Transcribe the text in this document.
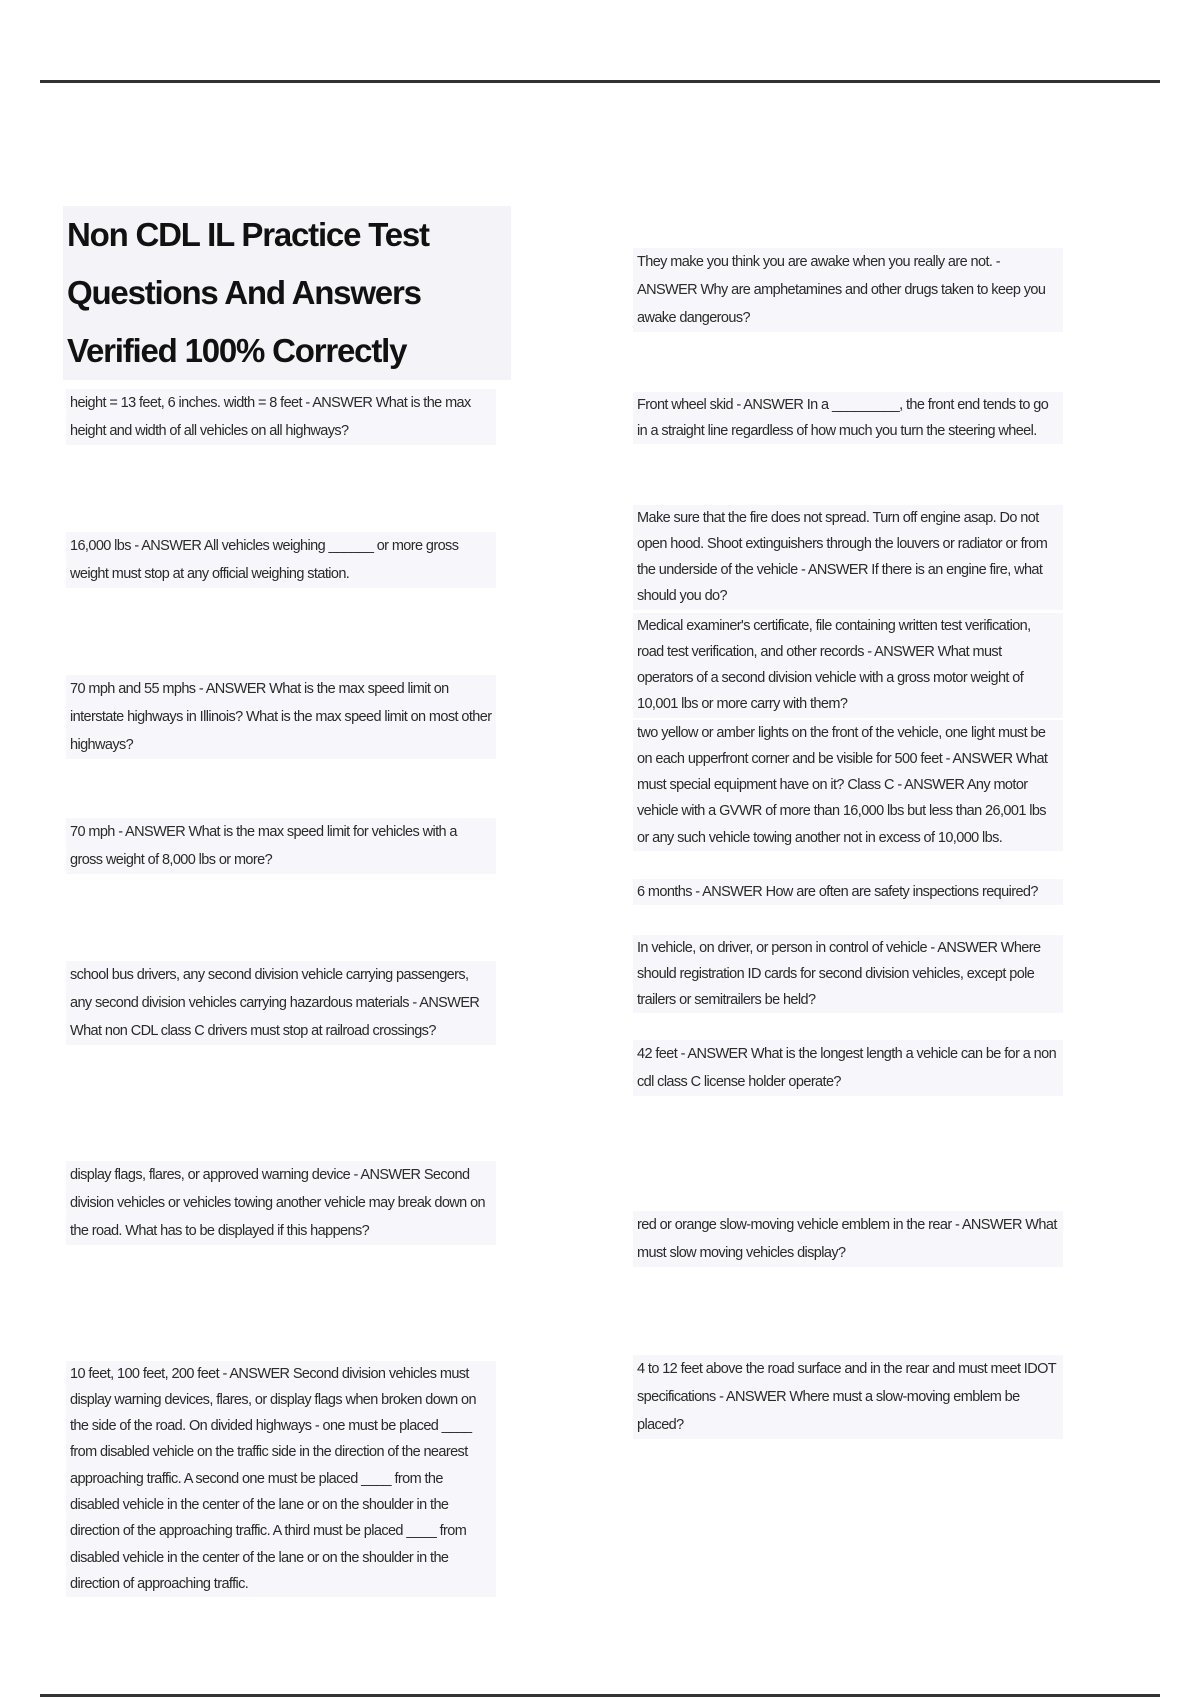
Non CDL IL Practice Test Questions And Answers Verified 100% Correctly

height = 13 feet, 6 inches. width = 8 feet - ANSWER What is the max height and width of all vehicles on all highways?

16,000 lbs - ANSWER All vehicles weighing ______ or more gross weight must stop at any official weighing station.

70 mph and 55 mphs - ANSWER What is the max speed limit on interstate highways in Illinois? What is the max speed limit on most other highways?

70 mph - ANSWER What is the max speed limit for vehicles with a gross weight of 8,000 lbs or more?

school bus drivers, any second division vehicle carrying passengers, any second division vehicles carrying hazardous materials - ANSWER What non CDL class C drivers must stop at railroad crossings?

display flags, flares, or approved warning device - ANSWER Second division vehicles or vehicles towing another vehicle may break down on the road. What has to be displayed if this happens?

10 feet, 100 feet, 200 feet - ANSWER Second division vehicles must display warning devices, flares, or display flags when broken down on the side of the road. On divided highways - one must be placed ____ from disabled vehicle on the traffic side in the direction of the nearest approaching traffic. A second one must be placed ____ from the disabled vehicle in the center of the lane or on the shoulder in the direction of the approaching traffic. A third must be placed ____ from disabled vehicle in the center of the lane or on the shoulder in the direction of approaching traffic.

They make you think you are awake when you really are not. - ANSWER Why are amphetamines and other drugs taken to keep you awake dangerous?

Front wheel skid - ANSWER In a _________, the front end tends to go in a straight line regardless of how much you turn the steering wheel.

Make sure that the fire does not spread. Turn off engine asap. Do not open hood. Shoot extinguishers through the louvers or radiator or from the underside of the vehicle - ANSWER If there is an engine fire, what should you do?

Medical examiner's certificate, file containing written test verification, road test verification, and other records - ANSWER What must operators of a second division vehicle with a gross motor weight of 10,001 lbs or more carry with them?

two yellow or amber lights on the front of the vehicle, one light must be on each upperfront corner and be visible for 500 feet - ANSWER What must special equipment have on it? Class C - ANSWER Any motor vehicle with a GVWR of more than 16,000 lbs but less than 26,001 lbs or any such vehicle towing another not in excess of 10,000 lbs.

6 months - ANSWER How are often are safety inspections required?

In vehicle, on driver, or person in control of vehicle - ANSWER Where should registration ID cards for second division vehicles, except pole trailers or semitrailers be held?

42 feet - ANSWER What is the longest length a vehicle can be for a non cdl class C license holder operate?

red or orange slow-moving vehicle emblem in the rear - ANSWER What must slow moving vehicles display?

4 to 12 feet above the road surface and in the rear and must meet IDOT specifications - ANSWER Where must a slow-moving emblem be placed?
